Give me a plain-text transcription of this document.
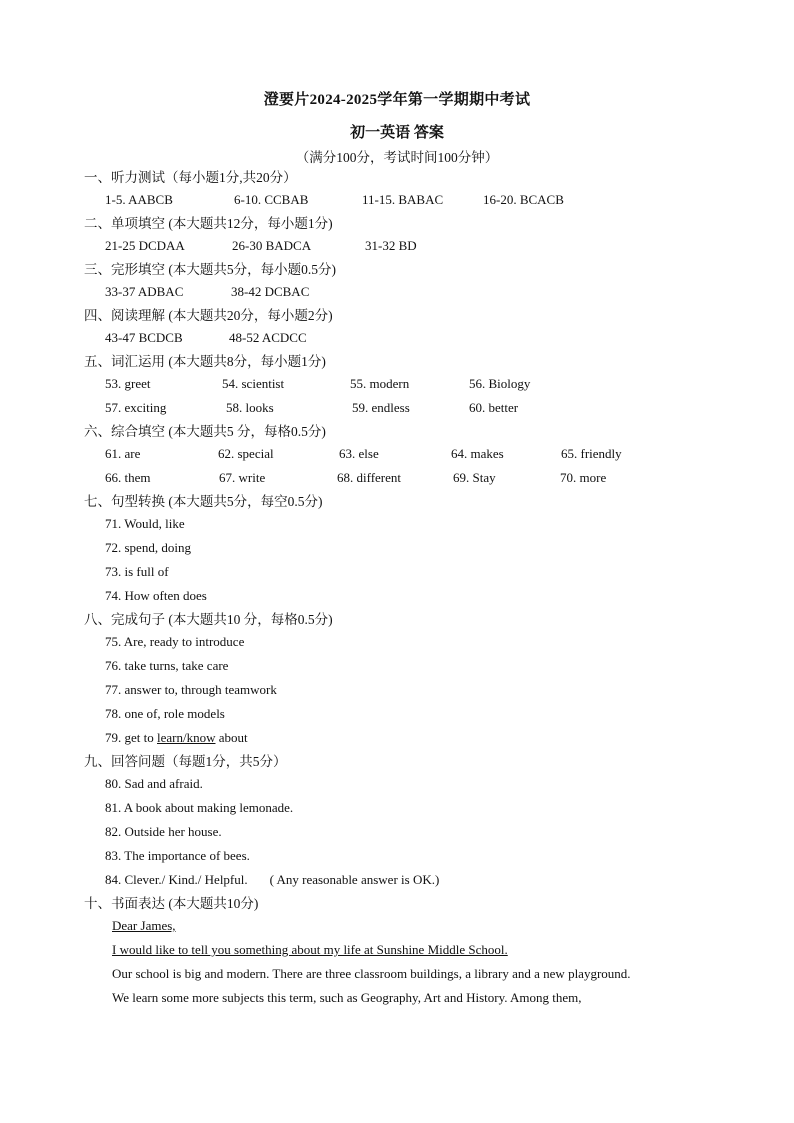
澄要片2024-2025学年第一学期期中考试
初一英语 答案
（满分100分，考试时间100分钟）
一、听力测试（每小题1分,共20分）
1-5. AABCB	6-10. CCBAB	11-15. BABAC	16-20. BCACB
二、单项填空 (本大题共12分，每小题1分)
21-25 DCDAA	26-30 BADCA	31-32 BD
三、完形填空 (本大题共5分，每小题0.5分)
33-37 ADBAC	38-42 DCBAC
四、阅读理解 (本大题共20分，每小题2分)
43-47 BCDCB	48-52 ACDCC
五、词汇运用 (本大题共8分，每小题1分)
53. greet	54. scientist	55. modern	56. Biology
57. exciting	58. looks	59. endless	60. better
六、综合填空 (本大题共5 分，每格0.5分)
61. are	62. special	63. else	64. makes	65. friendly
66. them	67. write	68. different	69. Stay	70. more
七、句型转换 (本大题共5分，每空0.5分)
71. Would, like
72. spend, doing
73. is full of
74. How often does
八、完成句子 (本大题共10 分，每格0.5分)
75. Are, ready to introduce
76. take turns, take care
77. answer to, through teamwork
78. one of, role models
79. get to learn/know about
九、回答问题（每题1分，共5分）
80. Sad and afraid.
81. A book about making lemonade.
82. Outside her house.
83. The importance of bees.
84. Clever./ Kind./ Helpful. ( Any reasonable answer is OK.)
十、书面表达 (本大题共10分)
Dear James,
I would like to tell you something about my life at Sunshine Middle School.
Our school is big and modern. There are three classroom buildings, a library and a new playground.
We learn some more subjects this term, such as Geography, Art and History. Among them,
